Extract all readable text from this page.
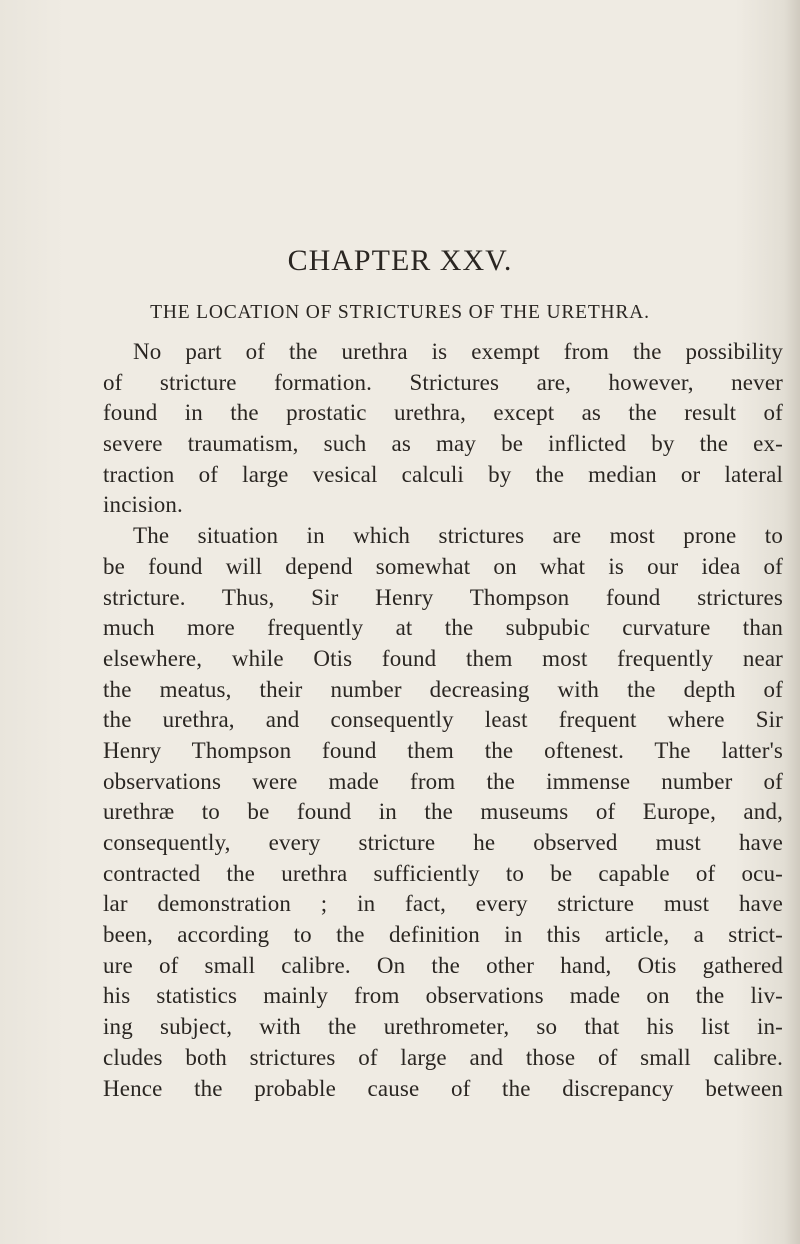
CHAPTER XXV.
THE LOCATION OF STRICTURES OF THE URETHRA.
No part of the urethra is exempt from the possibility
of stricture formation. Strictures are, however, never
found in the prostatic urethra, except as the result of
severe traumatism, such as may be inflicted by the ex-
traction of large vesical calculi by the median or lateral
incision.
The situation in which strictures are most prone to
be found will depend somewhat on what is our idea of
stricture. Thus, Sir Henry Thompson found strictures
much more frequently at the subpubic curvature than
elsewhere, while Otis found them most frequently near
the meatus, their number decreasing with the depth of
the urethra, and consequently least frequent where Sir
Henry Thompson found them the oftenest. The latter's
observations were made from the immense number of
urethræ to be found in the museums of Europe, and,
consequently, every stricture he observed must have
contracted the urethra sufficiently to be capable of ocu-
lar demonstration ; in fact, every stricture must have
been, according to the definition in this article, a strict-
ure of small calibre. On the other hand, Otis gathered
his statistics mainly from observations made on the liv-
ing subject, with the urethrometer, so that his list in-
cludes both strictures of large and those of small calibre.
Hence the probable cause of the discrepancy between
